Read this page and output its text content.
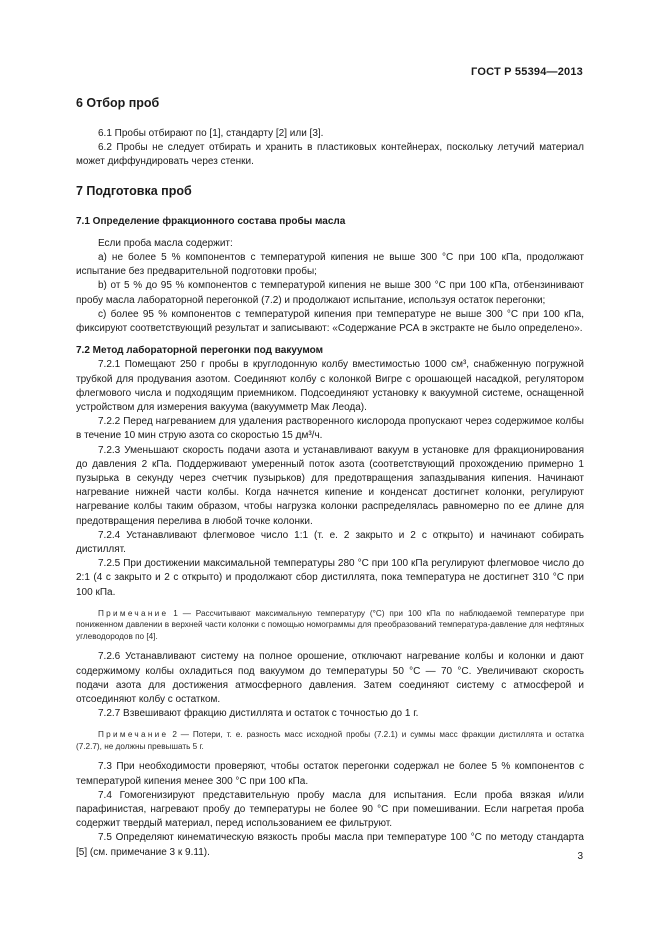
ГОСТ Р 55394—2013
6 Отбор проб

6.1 Пробы отбирают по [1], стандарту [2] или [3].

6.2 Пробы не следует отбирать и хранить в пластиковых контейнерах, поскольку летучий материал может диффундировать через стенки.

7 Подготовка проб
7.1 Определение фракционного состава пробы масла

Если проба масла содержит:

а) не более 5 % компонентов с температурой кипения не выше 300 °С при 100 кПа, продолжают испытание без предварительной подготовки пробы;

b) от 5 % до 95 % компонентов с температурой кипения не выше 300 °С при 100 кПа, отбензинивают пробу масла лабораторной перегонкой (7.2) и продолжают испытание, используя остаток перегонки;

с) более 95 % компонентов с температурой кипения при температуре не выше 300 °С при 100 кПа, фиксируют соответствующий результат и записывают: «Содержание РСА в экстракте не было определено».

7.2 Метод лабораторной перегонки под вакуумом

7.2.1 Помещают 250 г пробы в круглодонную колбу вместимостью 1000 см³, снабженную погружной трубкой для продувания азотом. Соединяют колбу с колонкой Вигре с орошающей насадкой, регулятором флегмового числа и подходящим приемником. Подсоединяют установку к вакуумной системе, оснащенной устройством для измерения вакуума (вакуумметр Мак Леода).

7.2.2 Перед нагреванием для удаления растворенного кислорода пропускают через содержимое колбы в течение 10 мин струю азота со скоростью 15 дм³/ч.

7.2.3 Уменьшают скорость подачи азота и устанавливают вакуум в установке для фракционирования до давления 2 кПа. Поддерживают умеренный поток азота (соответствующий прохождению примерно 1 пузырька в секунду через счетчик пузырьков) для предотвращения запаздывания кипения. Начинают нагревание нижней части колбы. Когда начнется кипение и конденсат достигнет колонки, регулируют нагревание колбы таким образом, чтобы нагрузка колонки распределялась равномерно по ее длине для предотвращения перелива в любой точке колонки.

7.2.4 Устанавливают флегмовое число 1:1 (т. е. 2 закрыто и 2 с открыто) и начинают собирать дистиллят.

7.2.5 При достижении максимальной температуры 280 °С при 100 кПа регулируют флегмовое число до 2:1 (4 с закрыто и 2 с открыто) и продолжают сбор дистиллята, пока температура не достигнет 310 °С при 100 кПа.

Примечание 1 — Рассчитывают максимальную температуру (°С) при 100 кПа по наблюдаемой температуре при пониженном давлении в верхней части колонки с помощью номограммы для преобразований температура-давление для нефтяных углеводородов по [4].

7.2.6 Устанавливают систему на полное орошение, отключают нагревание колбы и колонки и дают содержимому колбы охладиться под вакуумом до температуры 50 °С — 70 °С. Увеличивают скорость подачи азота для достижения атмосферного давления. Затем соединяют систему с атмосферой и отсоединяют колбу с остатком.

7.2.7 Взвешивают фракцию дистиллята и остаток с точностью до 1 г.

Примечание 2 — Потери, т. е. разность масс исходной пробы (7.2.1) и суммы масс фракции дистиллята и остатка (7.2.7), не должны превышать 5 г.

7.3 При необходимости проверяют, чтобы остаток перегонки содержал не более 5 % компонентов с температурой кипения менее 300 °С при 100 кПа.

7.4 Гомогенизируют представительную пробу масла для испытания. Если проба вязкая и/или парафинистая, нагревают пробу до температуры не более 90 °С при помешивании. Если нагретая проба содержит твердый материал, перед использованием ее фильтруют.

7.5 Определяют кинематическую вязкость пробы масла при температуре 100 °С по методу стандарта [5] (см. примечание 3 к 9.11).	3
